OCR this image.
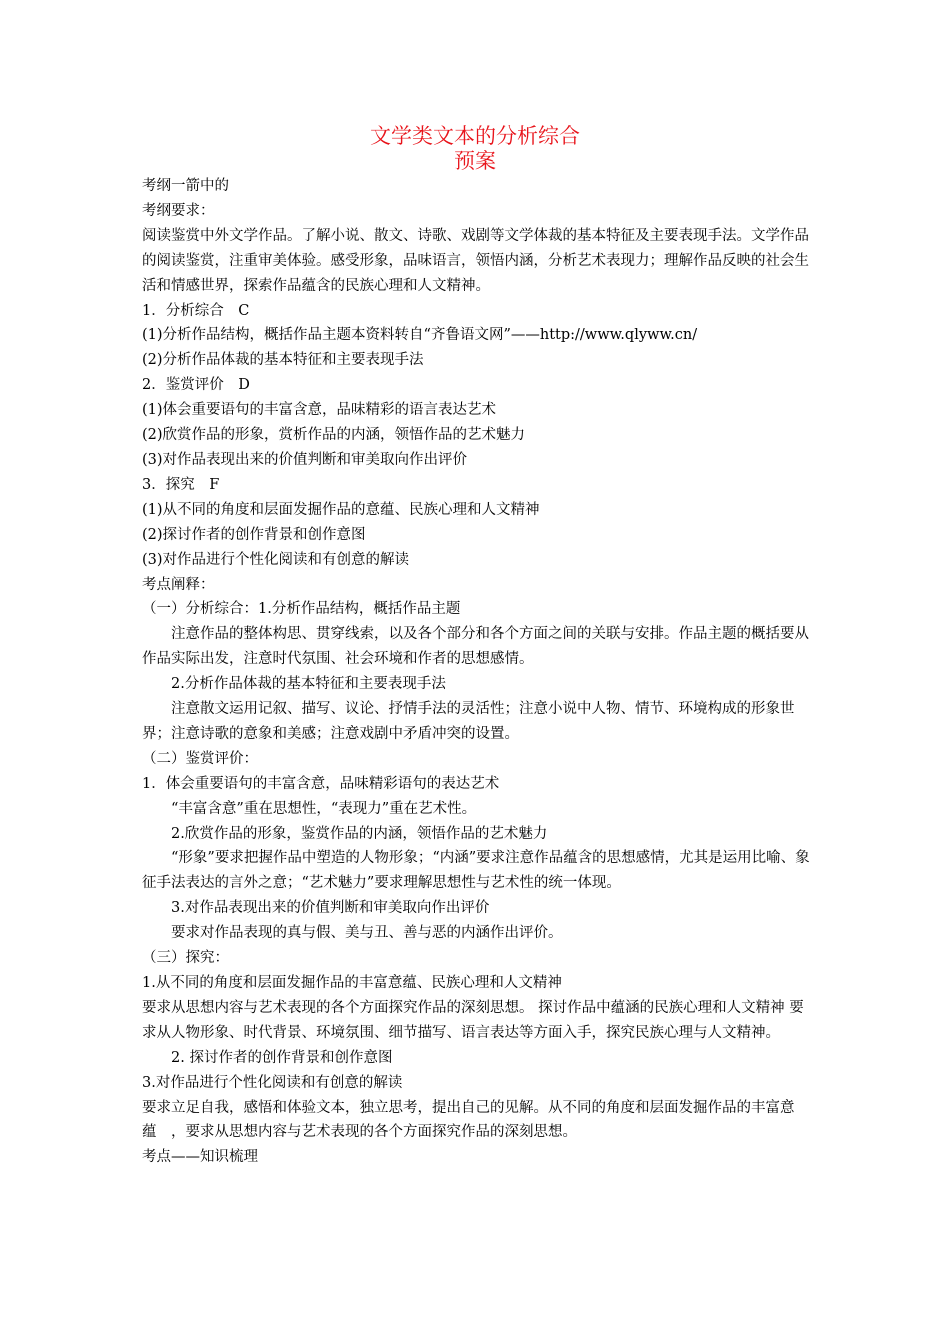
文学类文本的分析综合
预案

考纲一箭中的

考纲要求：

阅读鉴赏中外文学作品。了解小说、散文、诗歌、戏剧等文学体裁的基本特征及主要表现手法。文学作品的阅读鉴赏，注重审美体验。感受形象，品味语言，领悟内涵，分析艺术表现力；理解作品反映的社会生活和情感世界，探索作品蕴含的民族心理和人文精神。

1．分析综合　C

(1)分析作品结构，概括作品主题本资料转自“齐鲁语文网”——http://www.qlyww.cn/

(2)分析作品体裁的基本特征和主要表现手法

2．鉴赏评价　D

(1)体会重要语句的丰富含意，品味精彩的语言表达艺术

(2)欣赏作品的形象，赏析作品的内涵，领悟作品的艺术魅力

(3)对作品表现出来的价值判断和审美取向作出评价

3．探究　F

(1)从不同的角度和层面发掘作品的意蕴、民族心理和人文精神

(2)探讨作者的创作背景和创作意图

(3)对作品进行个性化阅读和有创意的解读

考点阐释：

（一）分析综合：1.分析作品结构，概括作品主题

注意作品的整体构思、贯穿线索，以及各个部分和各个方面之间的关联与安排。作品主题的概括要从作品实际出发，注意时代氛围、社会环境和作者的思想感情。

2.分析作品体裁的基本特征和主要表现手法

注意散文运用记叙、描写、议论、抒情手法的灵活性；注意小说中人物、情节、环境构成的形象世界；注意诗歌的意象和美感；注意戏剧中矛盾冲突的设置。

（二）鉴赏评价：

1．体会重要语句的丰富含意，品味精彩语句的表达艺术

“丰富含意”重在思想性，“表现力”重在艺术性。

2.欣赏作品的形象，鉴赏作品的内涵，领悟作品的艺术魅力

“形象”要求把握作品中塑造的人物形象；“内涵”要求注意作品蕴含的思想感情，尤其是运用比喻、象征手法表达的言外之意；“艺术魅力”要求理解思想性与艺术性的统一体现。

3.对作品表现出来的价值判断和审美取向作出评价

要求对作品表现的真与假、美与丑、善与恶的内涵作出评价。

（三）探究：

1.从不同的角度和层面发掘作品的丰富意蕴、民族心理和人文精神

要求从思想内容与艺术表现的各个方面探究作品的深刻思想。 探讨作品中蕴涵的民族心理和人文精神 要求从人物形象、时代背景、环境氛围、细节描写、语言表达等方面入手，探究民族心理与人文精神。

2. 探讨作者的创作背景和创作意图

3.对作品进行个性化阅读和有创意的解读

要求立足自我，感悟和体验文本，独立思考，提出自己的见解。从不同的角度和层面发掘作品的丰富意蕴　，要求从思想内容与艺术表现的各个方面探究作品的深刻思想。

考点——知识梳理
